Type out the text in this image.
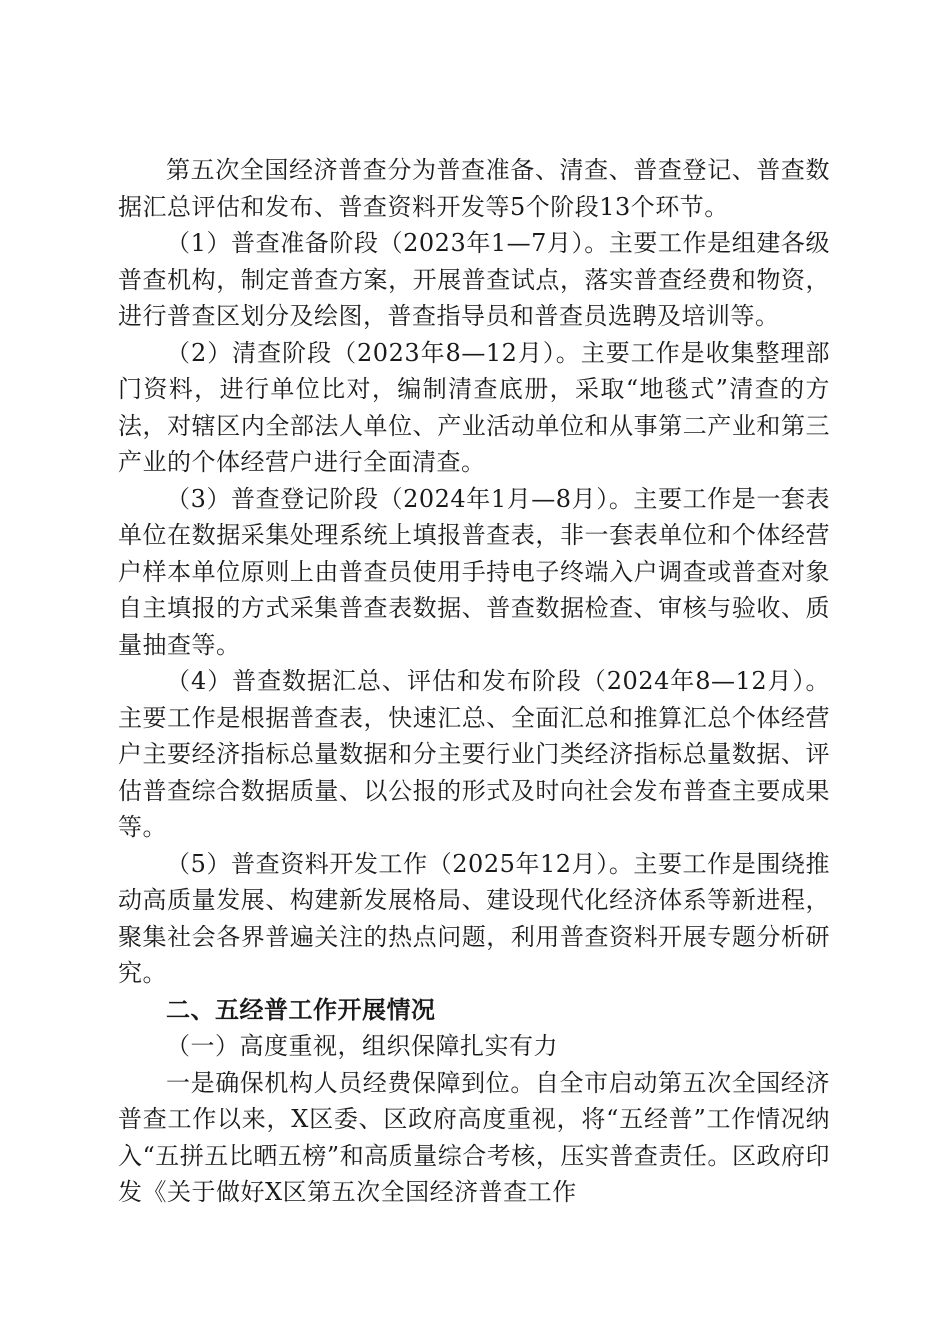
第五次全国经济普查分为普查准备、清查、普查登记、普查数据汇总评估和发布、普查资料开发等5个阶段13个环节。

（1）普查准备阶段（2023年1—7月）。主要工作是组建各级普查机构，制定普查方案，开展普查试点，落实普查经费和物资，进行普查区划分及绘图，普查指导员和普查员选聘及培训等。

（2）清查阶段（2023年8—12月）。主要工作是收集整理部门资料，进行单位比对，编制清查底册，采取“地毯式”清查的方法，对辖区内全部法人单位、产业活动单位和从事第二产业和第三产业的个体经营户进行全面清查。

（3）普查登记阶段（2024年1月—8月）。主要工作是一套表单位在数据采集处理系统上填报普查表，非一套表单位和个体经营户样本单位原则上由普查员使用手持电子终端入户调查或普查对象自主填报的方式采集普查表数据、普查数据检查、审核与验收、质量抽查等。

（4）普查数据汇总、评估和发布阶段（2024年8—12月）。主要工作是根据普查表，快速汇总、全面汇总和推算汇总个体经营户主要经济指标总量数据和分主要行业门类经济指标总量数据、评估普查综合数据质量、以公报的形式及时向社会发布普查主要成果等。

（5）普查资料开发工作（2025年12月）。主要工作是围绕推动高质量发展、构建新发展格局、建设现代化经济体系等新进程，聚集社会各界普遍关注的热点问题，利用普查资料开展专题分析研究。

二、五经普工作开展情况
（一）高度重视，组织保障扎实有力

一是确保机构人员经费保障到位。自全市启动第五次全国经济普查工作以来，X区委、区政府高度重视，将“五经普”工作情况纳入“五拼五比晒五榜”和高质量综合考核，压实普查责任。区政府印发《关于做好X区第五次全国经济普查工作
